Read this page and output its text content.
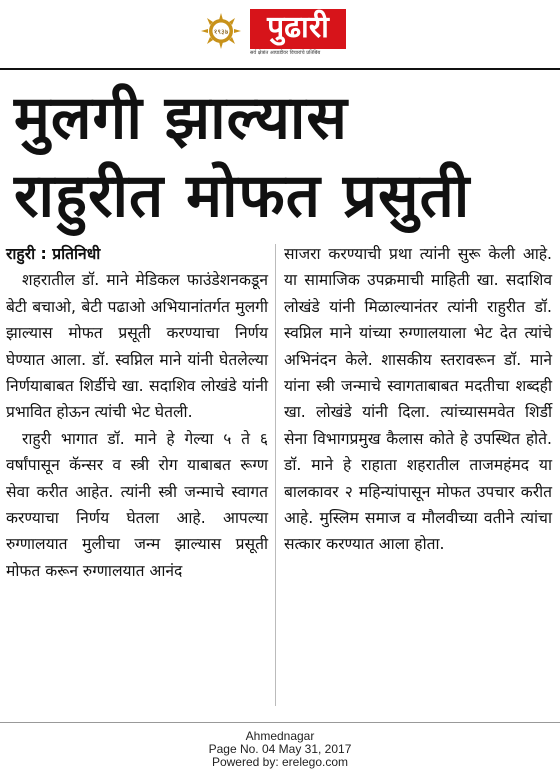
१९३७	पुढारी
सर्व क्षेत्रांत आघाडीवर विचारांचे प्रतिबिंब
मुलगी झाल्यास
राहुरीत मोफत प्रसुती
राहुरी : प्रतिनिधी

शहरातील डॉ. माने मेडिकल फाउंडेशनकडून बेटी बचाओ, बेटी पढाओ अभियानांतर्गत मुलगी झाल्यास मोफत प्रसूती करण्याचा निर्णय घेण्यात आला. डॉ. स्वप्निल माने यांनी घेतलेल्या निर्णयाबाबत शिर्डीचे खा. सदाशिव लोखंडे यांनी प्रभावित होऊन त्यांची भेट घेतली.

राहुरी भागात डॉ. माने हे गेल्या ५ ते ६ वर्षांपासून कॅन्सर व स्त्री रोग याबाबत रूग्ण सेवा करीत आहेत. त्यांनी स्त्री जन्माचे स्वागत करण्याचा निर्णय घेतला आहे. आपल्या रुग्णालयात मुलीचा जन्म झाल्यास प्रसूती मोफत करून रुग्णालयात आनंद

साजरा करण्याची प्रथा त्यांनी सुरू केली आहे. या सामाजिक उपक्रमाची माहिती खा. सदाशिव लोखंडे यांनी मिळाल्यानंतर त्यांनी राहुरीत डॉ. स्वप्निल माने यांच्या रुग्णालयाला भेट देत त्यांचे अभिनंदन केले. शासकीय स्तरावरून डॉ. माने यांना स्त्री जन्माचे स्वागताबाबत मदतीचा शब्दही खा. लोखंडे यांनी दिला. त्यांच्यासमवेत शिर्डी सेना विभागप्रमुख कैलास कोते हे उपस्थित होते. डॉ. माने हे राहाता शहरातील ताजमहंमद या बालकावर २ महिन्यांपासून मोफत उपचार करीत आहे. मुस्लिम समाज व मौलवीच्या वतीने त्यांचा सत्कार करण्यात आला होता.

Ahmednagar
Page No. 04 May 31, 2017
Powered by: erelego.com
